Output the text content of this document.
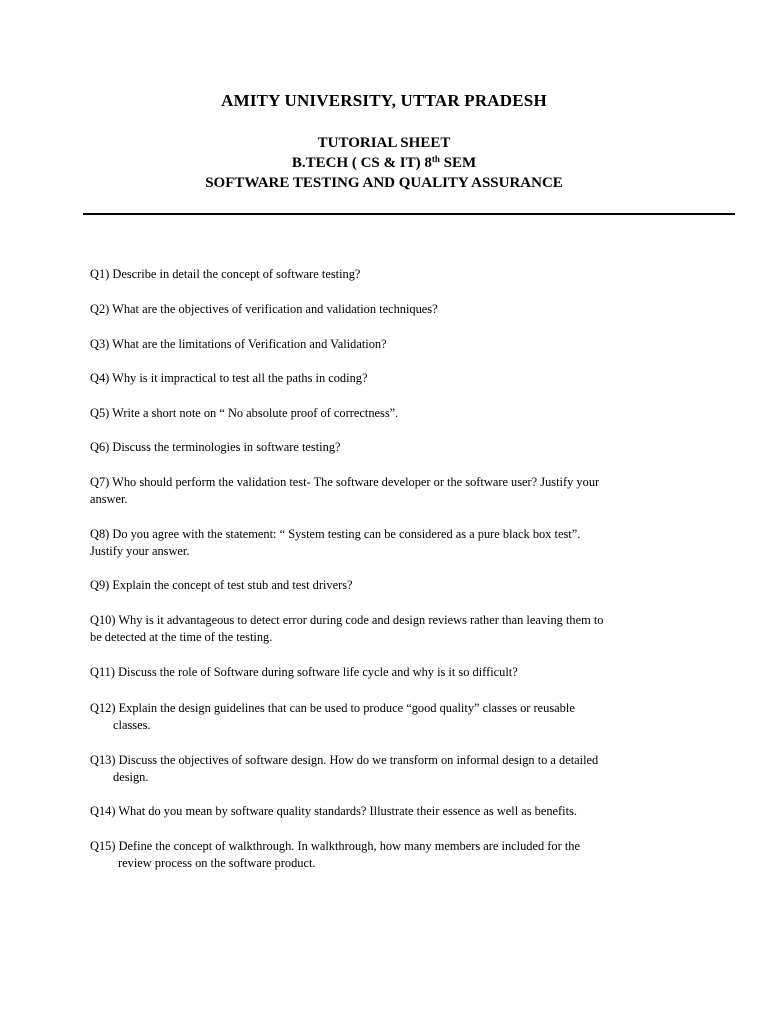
AMITY UNIVERSITY, UTTAR PRADESH
TUTORIAL SHEET
B.TECH ( CS & IT) 8th SEM
SOFTWARE TESTING AND QUALITY ASSURANCE
Q1) Describe in detail the concept of software testing?
Q2) What are the objectives of verification and validation techniques?
Q3) What are the limitations of Verification and Validation?
Q4) Why is it impractical to test all the paths in coding?
Q5) Write a short note on “ No absolute proof of correctness”.
Q6) Discuss the terminologies in software testing?
Q7) Who should perform the validation test- The software developer or the software user? Justify your
answer.
Q8) Do you agree with the statement: “ System testing can be considered as a pure black box test”.
Justify your answer.
Q9) Explain the concept of test stub and test drivers?
Q10) Why is it advantageous to detect error during code and design reviews rather than leaving them to
be detected at the time of the testing.
Q11) Discuss the role of Software during software life cycle and why is it so difficult?
Q12) Explain the design guidelines that can be used to produce “good quality” classes or reusable
classes.
Q13) Discuss the objectives of software design. How do we transform on informal design to a detailed
design.
Q14) What do you mean by software quality standards? Illustrate their essence as well as benefits.
Q15) Define the concept of walkthrough. In walkthrough, how many members are included for the
review process on the software product.
